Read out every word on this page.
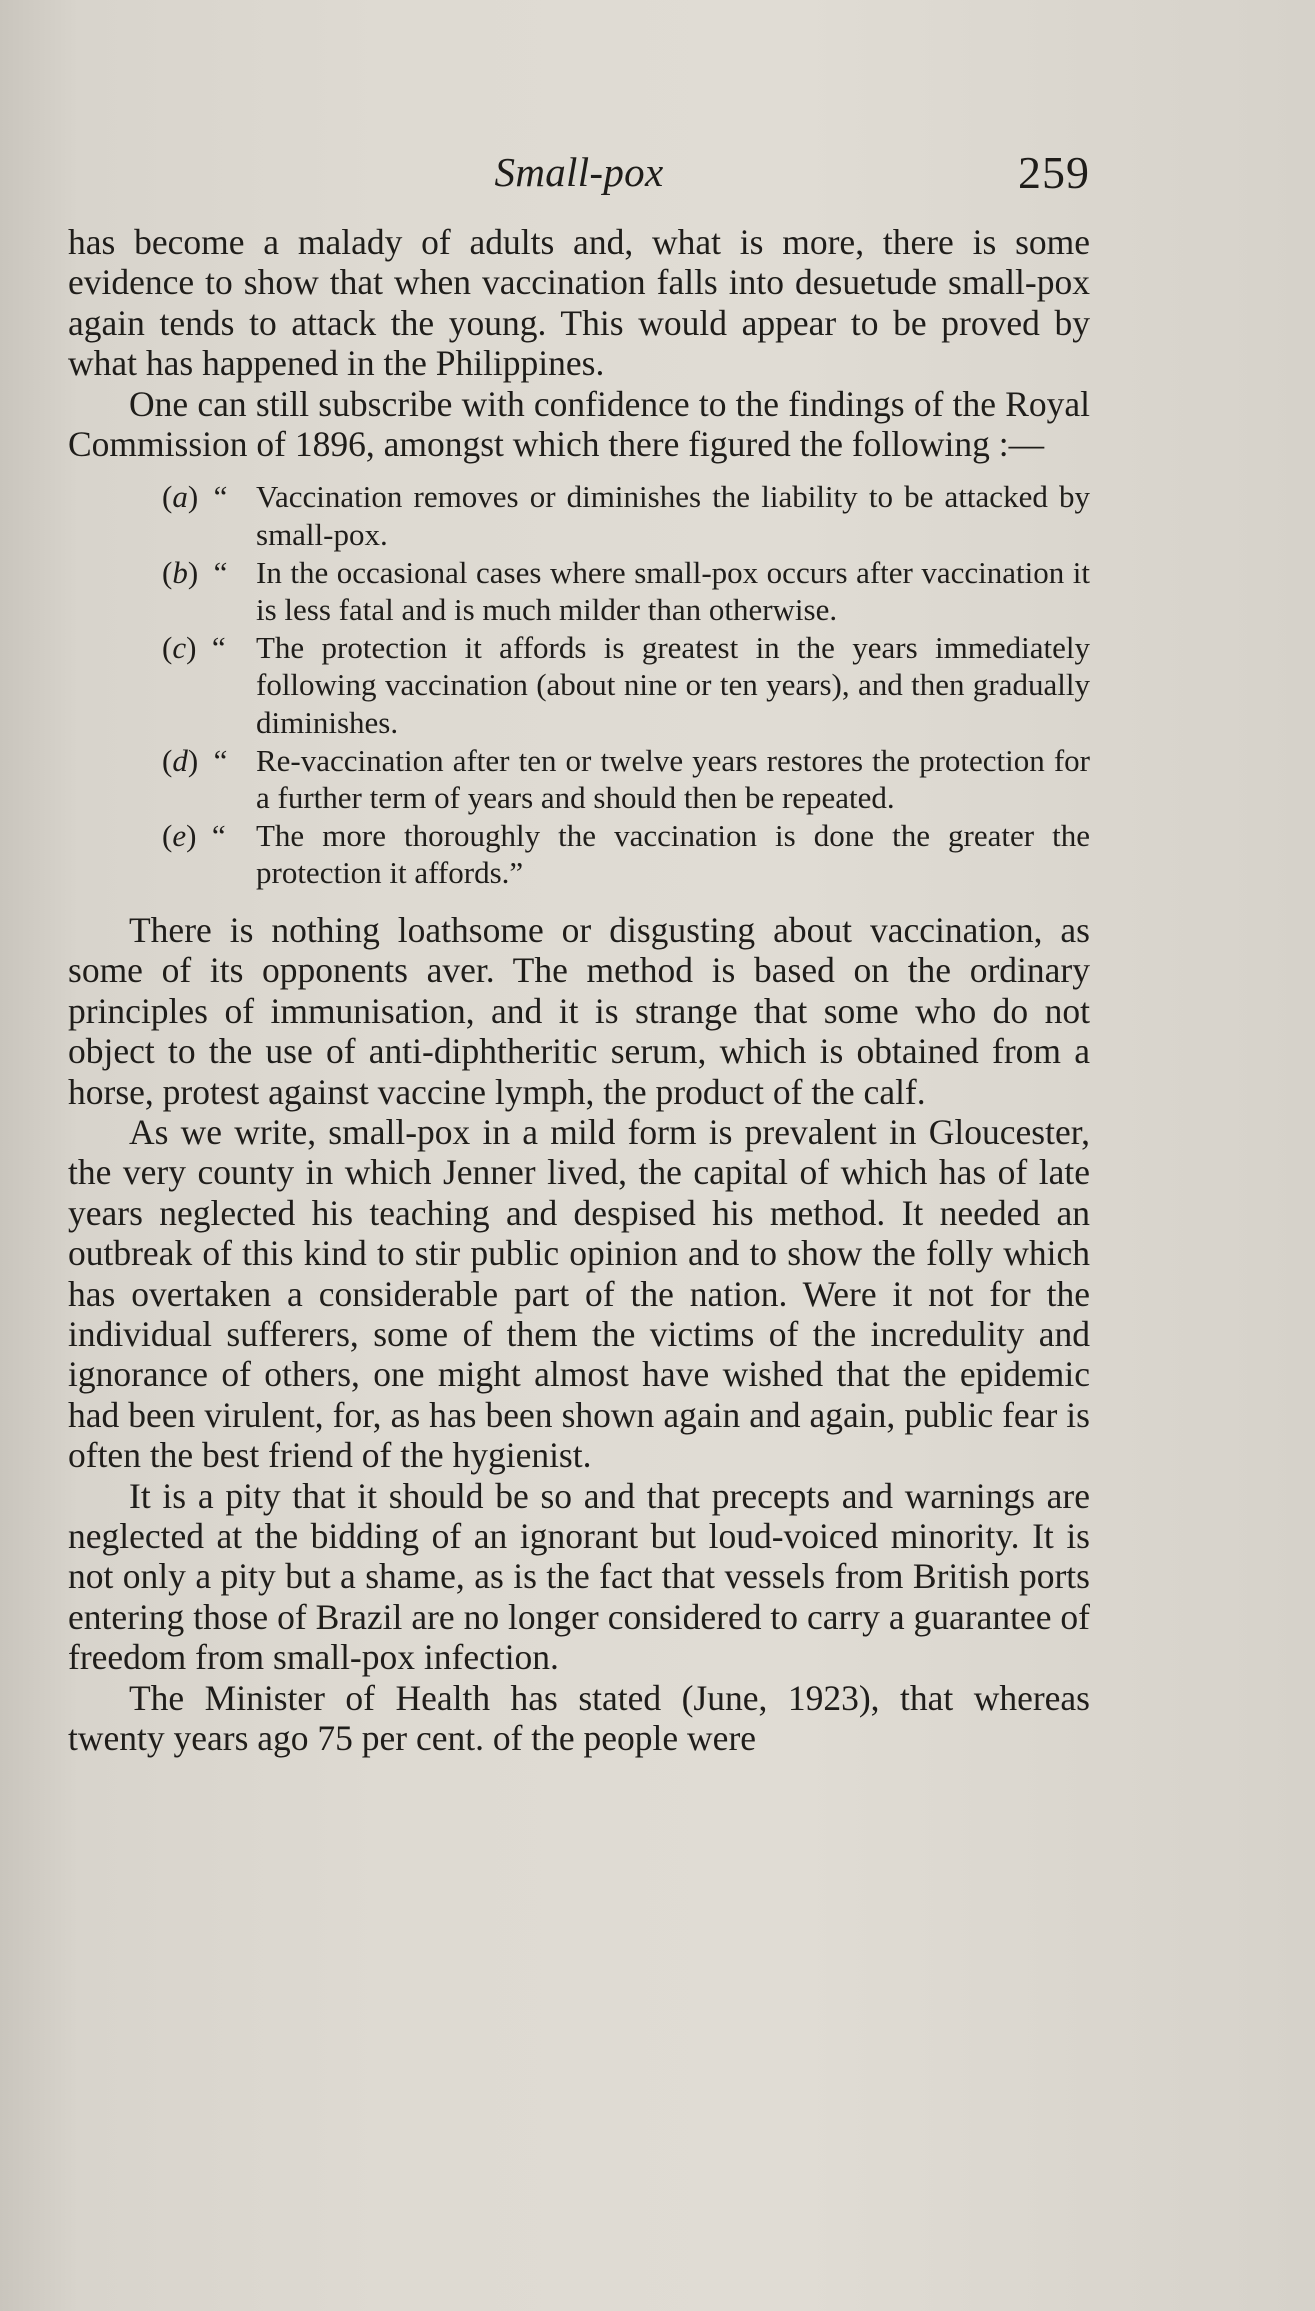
Small-pox	259

has become a malady of adults and, what is more, there is some evidence to show that when vaccination falls into desuetude small-pox again tends to attack the young. This would appear to be proved by what has happened in the Philippines.

One can still subscribe with confidence to the findings of the Royal Commission of 1896, amongst which there figured the following :—

(a)  “ Vaccination removes or diminishes the liability to be attacked by small-pox.
(b)  “ In the occasional cases where small-pox occurs after vaccination it is less fatal and is much milder than otherwise.
(c)  “ The protection it affords is greatest in the years immediately following vaccination (about nine or ten years), and then gradually diminishes.
(d)  “ Re-vaccination after ten or twelve years restores the protection for a further term of years and should then be repeated.
(e)  “ The more thoroughly the vaccination is done the greater the protection it affords.”

There is nothing loathsome or disgusting about vaccination, as some of its opponents aver. The method is based on the ordinary principles of immunisation, and it is strange that some who do not object to the use of anti-diphtheritic serum, which is obtained from a horse, protest against vaccine lymph, the product of the calf.

As we write, small-pox in a mild form is prevalent in Gloucester, the very county in which Jenner lived, the capital of which has of late years neglected his teaching and despised his method. It needed an outbreak of this kind to stir public opinion and to show the folly which has overtaken a considerable part of the nation. Were it not for the individual sufferers, some of them the victims of the incredulity and ignorance of others, one might almost have wished that the epidemic had been virulent, for, as has been shown again and again, public fear is often the best friend of the hygienist.

It is a pity that it should be so and that precepts and warnings are neglected at the bidding of an ignorant but loud-voiced minority. It is not only a pity but a shame, as is the fact that vessels from British ports entering those of Brazil are no longer considered to carry a guarantee of freedom from small-pox infection.

The Minister of Health has stated (June, 1923), that whereas twenty years ago 75 per cent. of the people were
